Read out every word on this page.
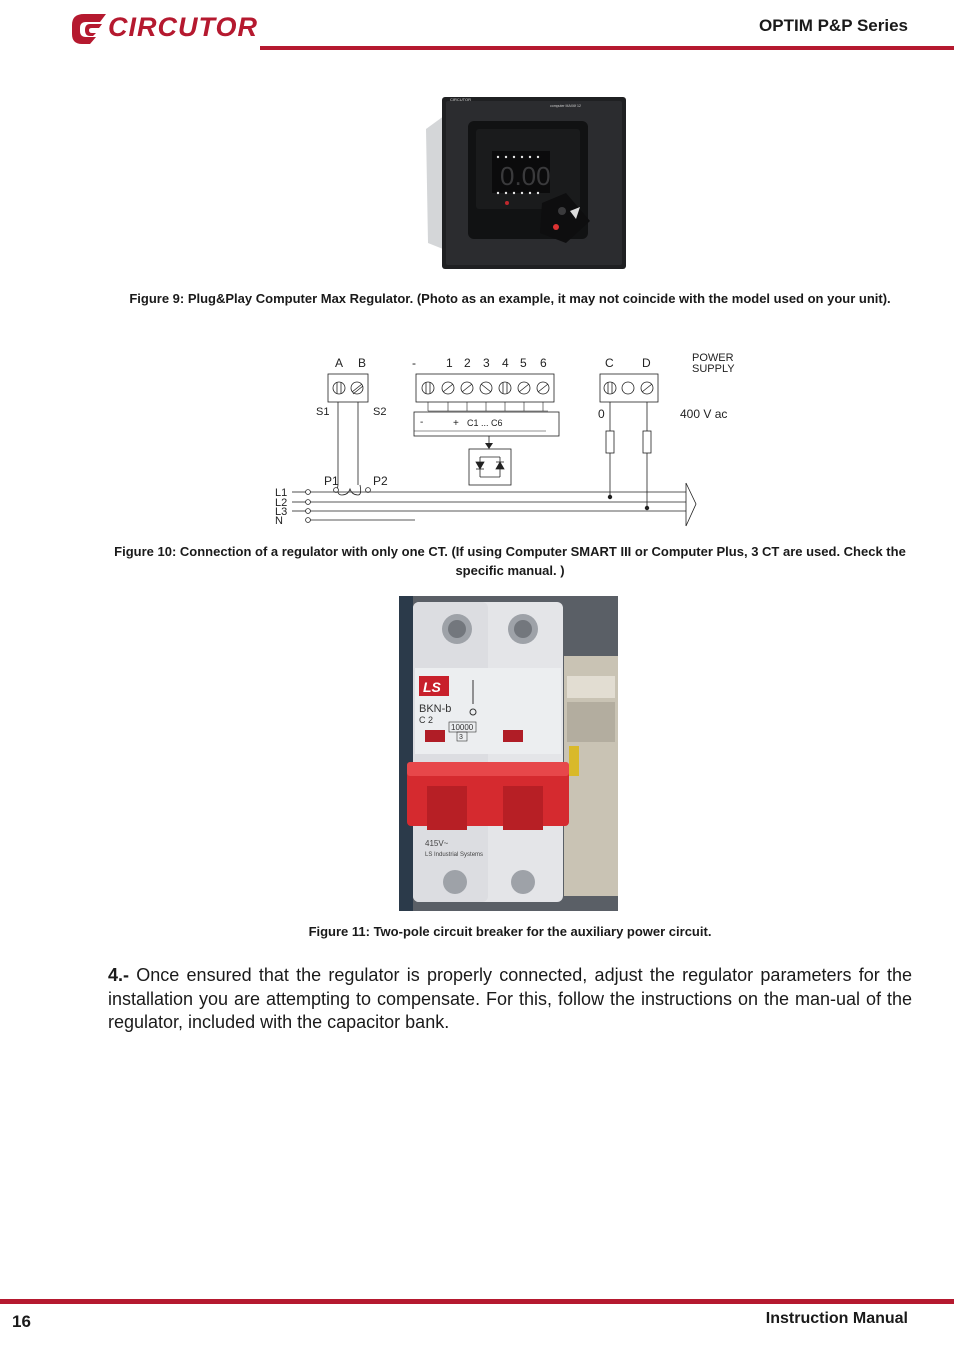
CIRCUTOR	OPTIM P&P Series
CIRCUTOR
computer MAX6f 12
0.00
Figure 9: Plug&Play Computer Max Regulator. (Photo as an example, it may not coincide with the model used on your unit).
A B	-	1 2 3 4 5 6	C D	POWER
SUPPLY
S1	S2
-	+ C1 ... C6
0	400 V ac
P1	P2
L1
L2
L3
N
Figure 10: Connection of a regulator with only one CT. (If using Computer SMART III or Computer Plus, 3 CT are used. Check the specific manual. )
LS
BKN-b
C 2
10000
3
415V~
LS Industrial Systems
Figure 11: Two-pole circuit breaker for the auxiliary power circuit.
4.- Once ensured that the regulator is properly connected, adjust the regulator parameters for the installation you are attempting to compensate. For this, follow the instructions on the man-ual of the regulator, included with the capacitor bank.
16	Instruction Manual
